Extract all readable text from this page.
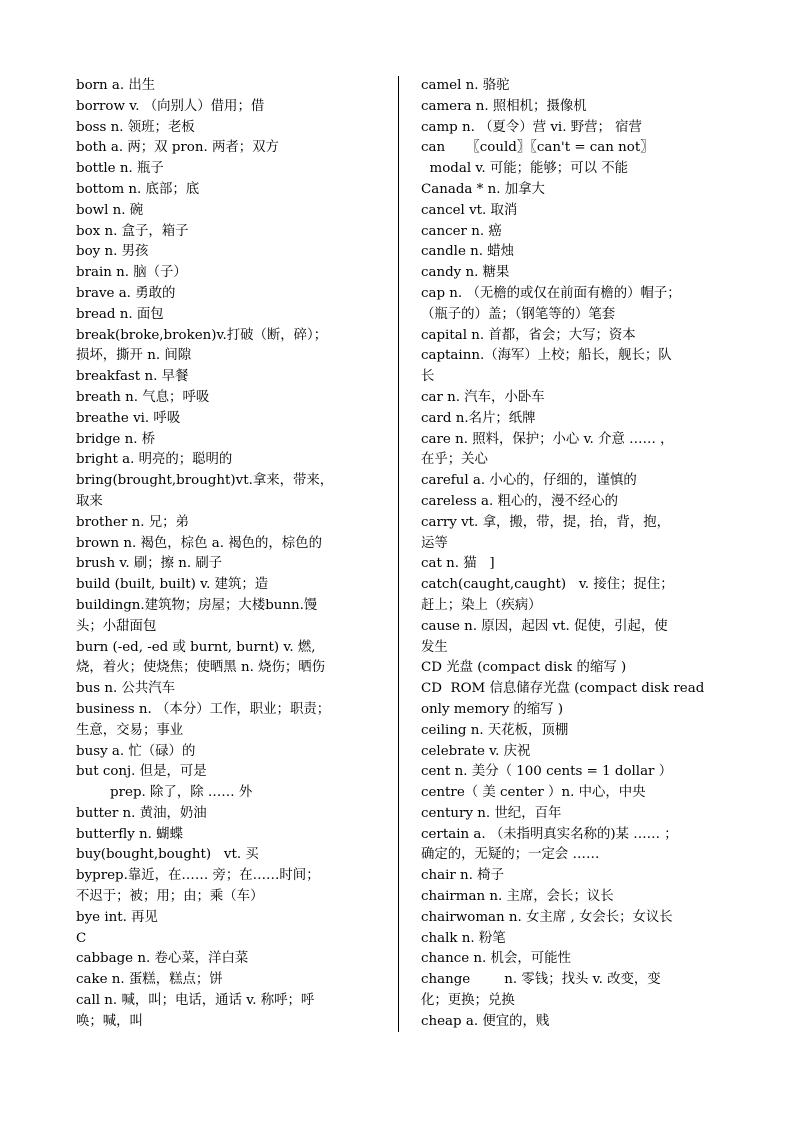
born a. 出生
borrow v. （向别人）借用；借
boss n. 领班；老板
both a. 两；双 pron. 两者；双方
bottle n. 瓶子
bottom n. 底部；底
bowl n. 碗
box n. 盒子，箱子
boy n. 男孩
brain n. 脑（子）
brave a. 勇敢的
bread n. 面包
break(broke,broken)v.打破（断，碎）；
损坏，撕开 n. 间隙
breakfast n. 早餐
breath n. 气息；呼吸
breathe vi. 呼吸
bridge n. 桥
bright a. 明亮的；聪明的
bring(brought,brought)vt.拿来，带来，
取来
brother n. 兄；弟
brown n. 褐色，棕色 a. 褐色的，棕色的
brush v. 刷；擦 n. 刷子
build (built, built) v. 建筑；造
buildingn.建筑物；房屋；大楼bunn.馒
头；小甜面包
burn (-ed, -ed 或 burnt, burnt) v. 燃,
烧，着火；使烧焦；使晒黑 n. 烧伤；晒伤
bus n. 公共汽车
business n. （本分）工作，职业；职责；
生意，交易；事业
busy a. 忙（碌）的
but conj. 但是，可是
prep. 除了，除 …… 外
butter n. 黄油，奶油
butterfly n. 蝴蝶
buy(bought,bought)   vt. 买
byprep.靠近，在…… 旁；在……时间；
不迟于；被；用；由；乘（车）
bye int. 再见
C
cabbage n. 卷心菜，洋白菜
cake n. 蛋糕，糕点；饼
call n. 喊，叫；电话，通话 v. 称呼；呼
唤；喊，叫
camel n. 骆驼
camera n. 照相机；摄像机
camp n. （夏令）营 vi. 野营； 宿营
can     〖could〗〖can't = can not〗
modal v. 可能；能够；可以 不能
Canada * n. 加拿大
cancel vt. 取消
cancer n. 癌
candle n. 蜡烛
candy n. 糖果
cap n. （无檐的或仅在前面有檐的）帽子；
（瓶子的）盖；（钢笔等的）笔套
capital n. 首都，省会；大写；资本
captainn.（海军）上校；船长，舰长；队
长
car n. 汽车，小卧车
card n.名片；纸牌
care n. 照料，保护；小心 v. 介意 …… ，
在乎；关心
careful a. 小心的，仔细的，谨慎的
careless a. 粗心的，漫不经心的
carry vt. 拿，搬，带，提，抬，背，抱，
运等
cat n. 猫   ]
catch(caught,caught)   v. 接住；捉住；
赶上；染上（疾病）
cause n. 原因，起因 vt. 促使，引起，使
发生
CD 光盘 (compact disk 的缩写 )
CD  ROM 信息储存光盘 (compact disk read
only memory 的缩写 )
ceiling n. 天花板，顶棚
celebrate v. 庆祝
cent n. 美分（ 100 cents = 1 dollar ）
centre（ 美 center ）n. 中心，中央
century n. 世纪，百年
certain a. （未指明真实名称的)某 …… ；
确定的，无疑的；一定会 ……
chair n. 椅子
chairman n. 主席，会长；议长
chairwoman n. 女主席 , 女会长；女议长
chalk n. 粉笔
chance n. 机会，可能性
change        n. 零钱；找头 v. 改变，变
化；更换；兑换
cheap a. 便宜的，贱
